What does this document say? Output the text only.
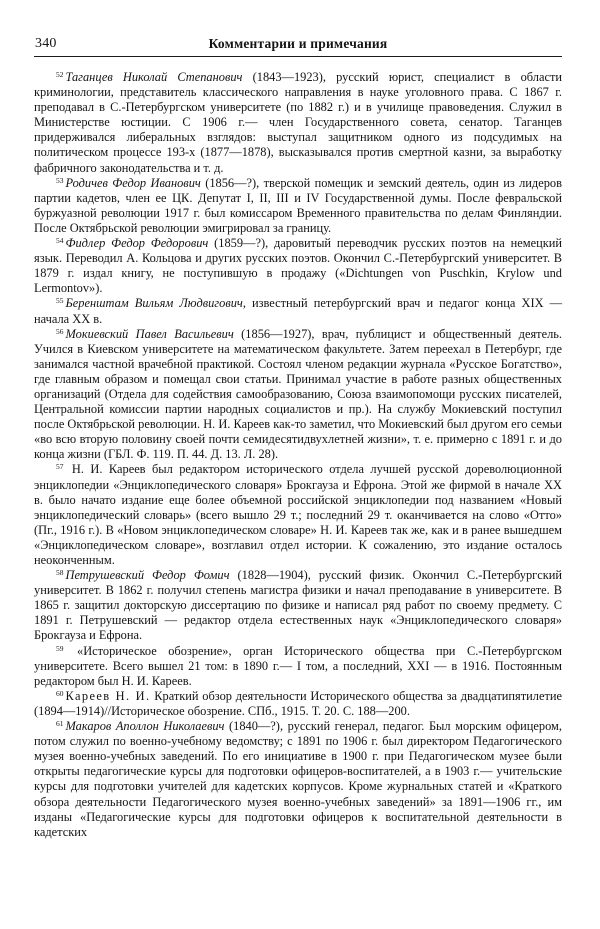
340	Комментарии и примечания

$^{52}$ Таганцев Николай Степанович (1843—1923), русский юрист, специалист в области криминологии, представитель классического направления в науке уголовного права. С 1867 г. преподавал в С.-Петербургском университете (по 1882 г.) и в училище правоведения. Служил в Министерстве юстиции. С 1906 г.— член Государственного совета, сенатор. Таганцев придерживался либеральных взглядов: выступал защитником одного из подсудимых на политическом процессе 193-х (1877—1878), высказывался против смертной казни, за выработку фабричного законодательства и т. д.

$^{53}$ Родичев Федор Иванович (1856—?), тверской помещик и земский деятель, один из лидеров партии кадетов, член ее ЦК. Депутат I, II, III и IV Государственной думы. После февральской буржуазной революции 1917 г. был комиссаром Временного правительства по делам Финляндии. После Октябрьской революции эмигрировал за границу.

$^{54}$ Фидлер Федор Федорович (1859—?), даровитый переводчик русских поэтов на немецкий язык. Переводил А. Кольцова и других русских поэтов. Окончил С.-Петербургский университет. В 1879 г. издал книгу, не поступившую в продажу («Dichtungen von Puschkin, Krylow und Lermontov»).

$^{55}$ Беренштам Вильям Людвигович, известный петербургский врач и педагог конца XIX — начала XX в.

$^{56}$ Мокиевский Павел Васильевич (1856—1927), врач, публицист и общественный деятель. Учился в Киевском университете на математическом факультете. Затем переехал в Петербург, где занимался частной врачебной практикой. Состоял членом редакции журнала «Русское Богатство», где главным образом и помещал свои статьи. Принимал участие в работе разных общественных организаций (Отдела для содействия самообразованию, Союза взаимопомощи русских писателей, Центральной комиссии партии народных социалистов и пр.). На службу Мокиевский поступил после Октябрьской революции. Н. И. Кареев как-то заметил, что Мокиевский был другом его семьи «во всю вторую половину своей почти семидесятидвухлетней жизни», т. е. примерно с 1891 г. и до конца жизни (ГБЛ. Ф. 119. П. 44. Д. 13. Л. 28).

$^{57}$ Н. И. Кареев был редактором исторического отдела лучшей русской дореволюционной энциклопедии «Энциклопедического словаря» Брокгауза и Ефрона. Этой же фирмой в начале XX в. было начато издание еще более объемной российской энциклопедии под названием «Новый энциклопедический словарь» (всего вышло 29 т.; последний 29 т. оканчивается на слово «Отто» (Пг., 1916 г.). В «Новом энциклопедическом словаре» Н. И. Кареев так же, как и в ранее вышедшем «Энциклопедическом словаре», возглавил отдел истории. К сожалению, это издание осталось неоконченным.

$^{58}$ Петрушевский Федор Фомич (1828—1904), русский физик. Окончил С.-Петербургский университет. В 1862 г. получил степень магистра физики и начал преподавание в университете. В 1865 г. защитил докторскую диссертацию по физике и написал ряд работ по своему предмету. С 1891 г. Петрушевский — редактор отдела естественных наук «Энциклопедического словаря» Брокгауза и Ефрона.

$^{59}$ «Историческое обозрение», орган Исторического общества при С.-Петербургском университете. Всего вышел 21 том: в 1890 г.— I том, а последний, XXI — в 1916. Постоянным редактором был Н. И. Кареев.

$^{60}$ Кареев Н. И. Краткий обзор деятельности Исторического общества за двадцатипятилетие (1894—1914)//Историческое обозрение. СПб., 1915. Т. 20. С. 188—200.

$^{61}$ Макаров Аполлон Николаевич (1840—?), русский генерал, педагог. Был морским офицером, потом служил по военно-учебному ведомству; с 1891 по 1906 г. был директором Педагогического музея военно-учебных заведений. По его инициативе в 1900 г. при Педагогическом музее были открыты педагогические курсы для подготовки офицеров-воспитателей, а в 1903 г.— учительские курсы для подготовки учителей для кадетских корпусов. Кроме журнальных статей и «Краткого обзора деятельности Педагогического музея военно-учебных заведений» за 1891—1906 гг., им изданы «Педагогические курсы для подготовки офицеров к воспитательной деятельности в кадетских
